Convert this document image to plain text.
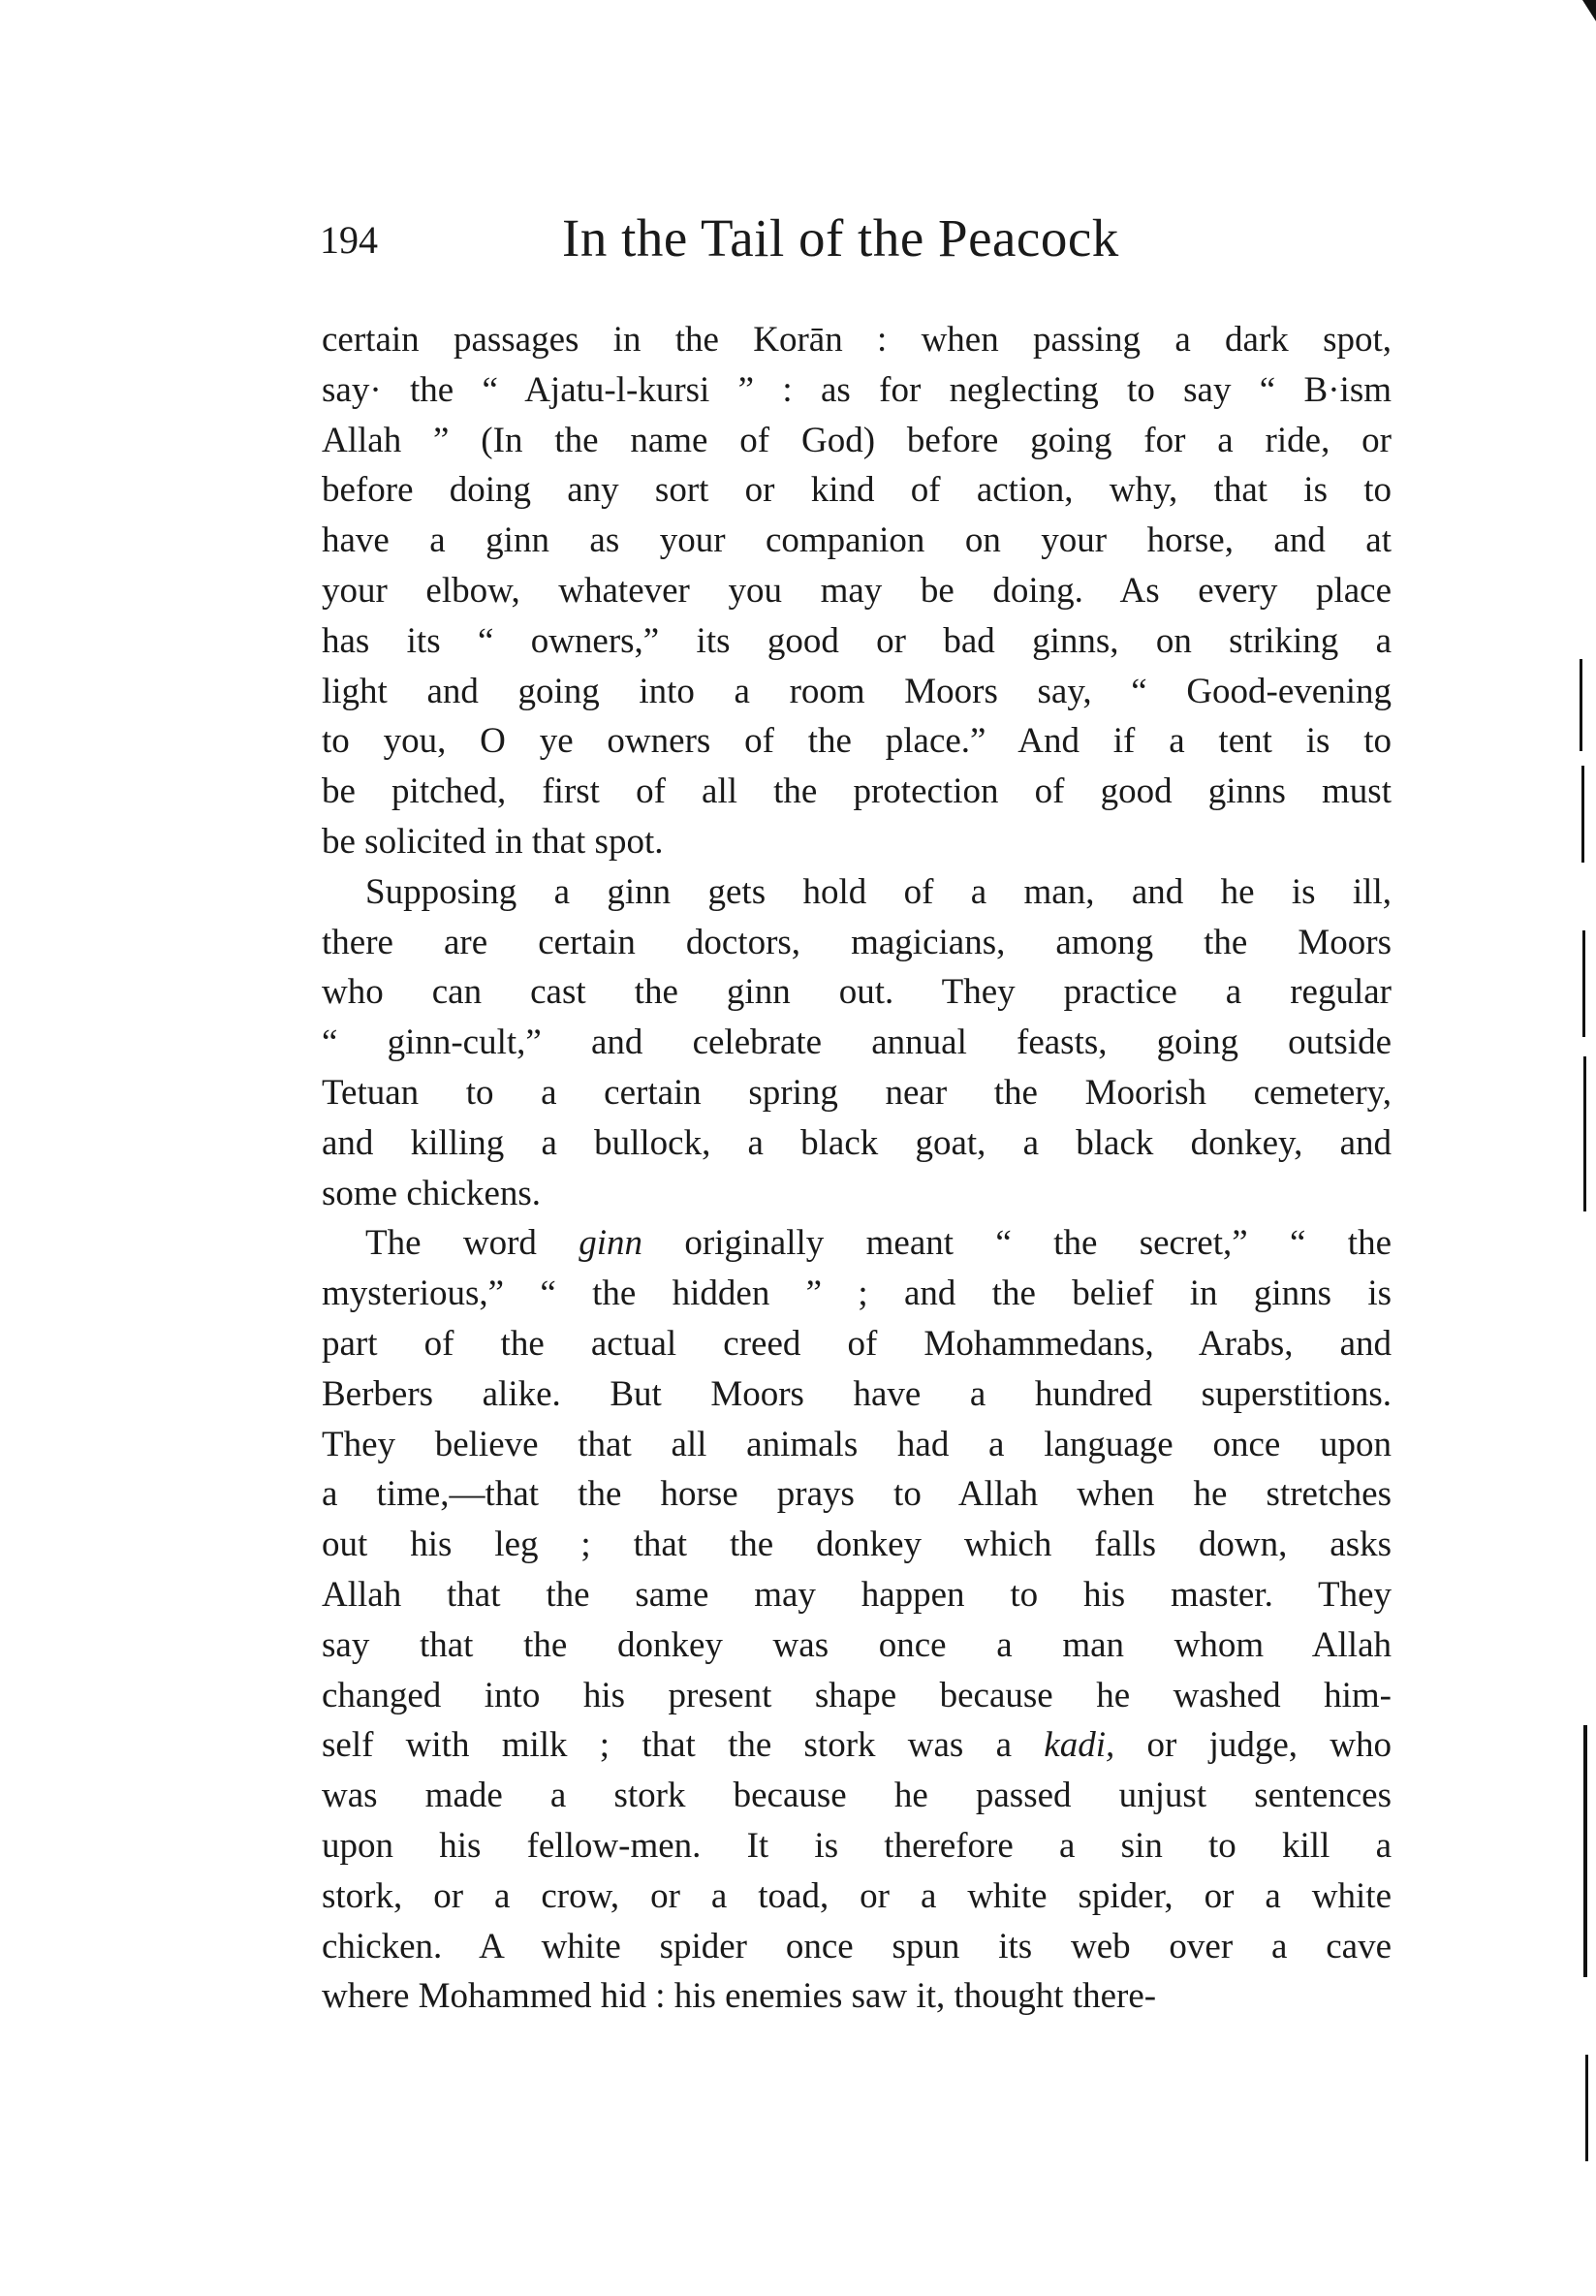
194	In the Tail of the Peacock
certain passages in the Korān : when passing a dark spot,
say· the “ Ajatu-l-kursi ” : as for neglecting to say “ B·ism
Allah ” (In the name of God) before going for a ride, or
before doing any sort or kind of action, why, that is to
have a ginn as your companion on your horse, and at
your elbow, whatever you may be doing. As every place
has its “ owners,” its good or bad ginns, on striking a
light and going into a room Moors say, “ Good-evening
to you, O ye owners of the place.” And if a tent is to
be pitched, first of all the protection of good ginns must
be solicited in that spot.
Supposing a ginn gets hold of a man, and he is ill,
there are certain doctors, magicians, among the Moors
who can cast the ginn out. They practice a regular
“ ginn-cult,” and celebrate annual feasts, going outside
Tetuan to a certain spring near the Moorish cemetery,
and killing a bullock, a black goat, a black donkey, and
some chickens.
The word ginn originally meant “ the secret,” “ the
mysterious,” “ the hidden ” ; and the belief in ginns is
part of the actual creed of Mohammedans, Arabs, and
Berbers alike. But Moors have a hundred superstitions.
They believe that all animals had a language once upon
a time,—that the horse prays to Allah when he stretches
out his leg ; that the donkey which falls down, asks
Allah that the same may happen to his master. They
say that the donkey was once a man whom Allah
changed into his present shape because he washed him-
self with milk ; that the stork was a kadi, or judge, who
was made a stork because he passed unjust sentences
upon his fellow-men. It is therefore a sin to kill a
stork, or a crow, or a toad, or a white spider, or a white
chicken. A white spider once spun its web over a cave
where Mohammed hid : his enemies saw it, thought there-
